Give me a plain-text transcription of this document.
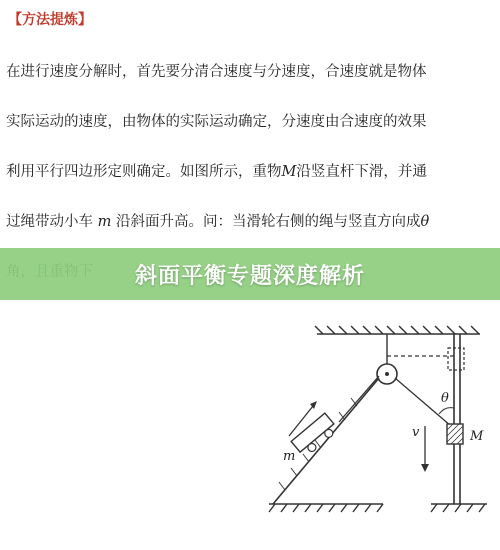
【方法提炼】
在进行速度分解时，首先要分清合速度与分速度，合速度就是物体
实际运动的速度，由物体的实际运动确定，分速度由合速度的效果
利用平行四边形定则确定。如图所示，重物M沿竖直杆下滑，并通
过绳带动小车 m 沿斜面升高。问：当滑轮右侧的绳与竖直方向成θ
斜面平衡专题深度解析
θ
M
v
m
